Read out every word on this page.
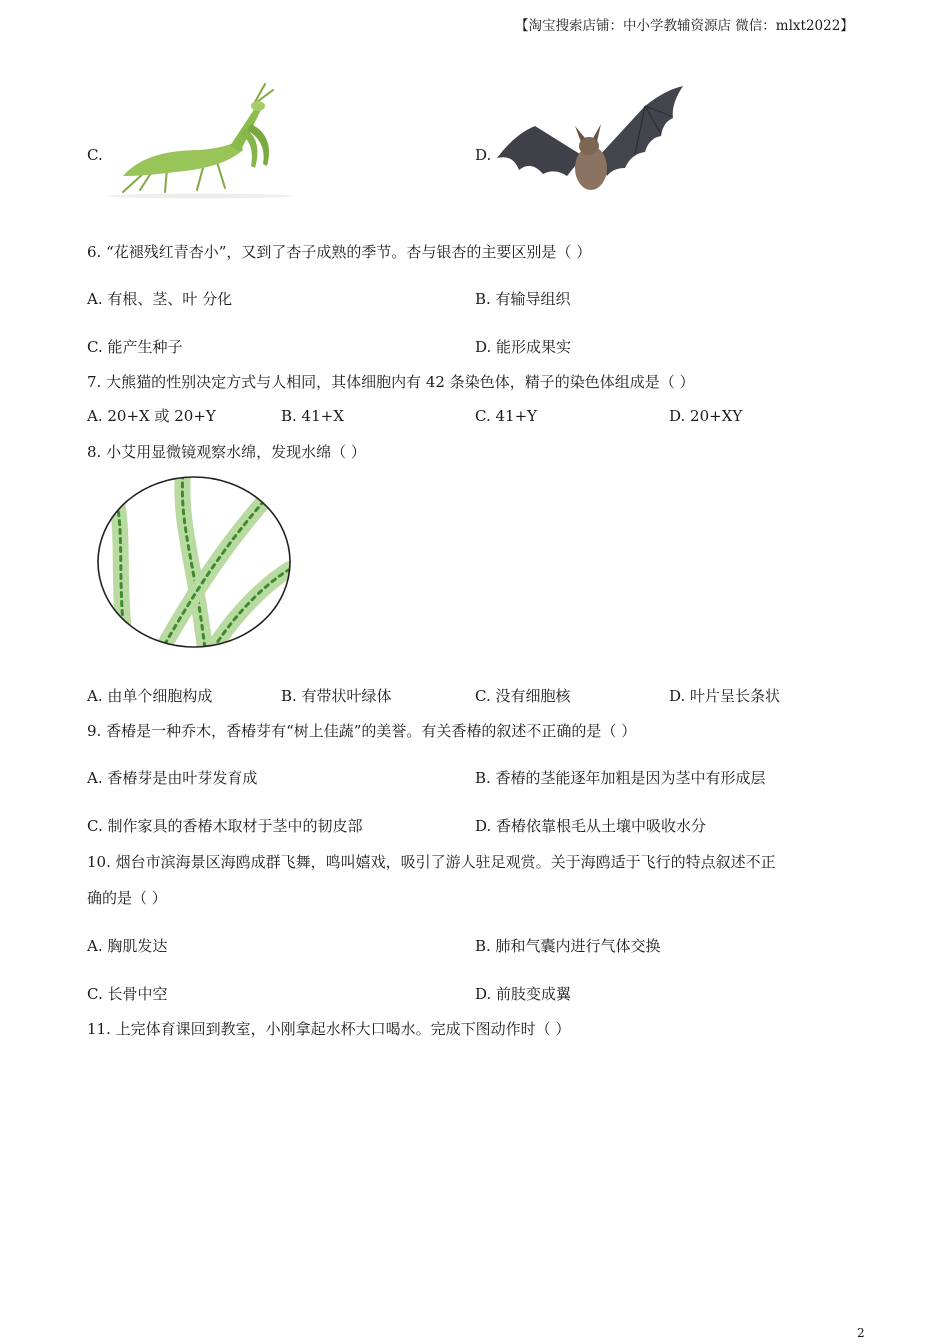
【淘宝搜索店铺：中小学教辅资源店 微信：mlxt2022】
C.	D.
6. “花褪残红青杏小”，又到了杏子成熟的季节。杏与银杏的主要区别是（ ）
A. 有根、茎、叶 分化	B. 有输导组织
C. 能产生种子	D. 能形成果实
7. 大熊猫的性别决定方式与人相同，其体细胞内有 42 条染色体，精子的染色体组成是（ ）
A. 20+X 或 20+Y	B. 41+X	C. 41+Y	D. 20+XY
8. 小艾用显微镜观察水绵，发现水绵（ ）
A. 由单个细胞构成	B. 有带状叶绿体	C. 没有细胞核	D. 叶片呈长条状
9. 香椿是一种乔木，香椿芽有“树上佳蔬”的美誉。有关香椿的叙述不正确的是（ ）
A. 香椿芽是由叶芽发育成	B. 香椿的茎能逐年加粗是因为茎中有形成层
C. 制作家具的香椿木取材于茎中的韧皮部	D. 香椿依靠根毛从土壤中吸收水分
10. 烟台市滨海景区海鸥成群飞舞，鸣叫嬉戏，吸引了游人驻足观赏。关于海鸥适于飞行的特点叙述不正
确的是（ ）
A. 胸肌发达	B. 肺和气囊内进行气体交换
C. 长骨中空	D. 前肢变成翼
11. 上完体育课回到教室，小刚拿起水杯大口喝水。完成下图动作时（ ）
2
